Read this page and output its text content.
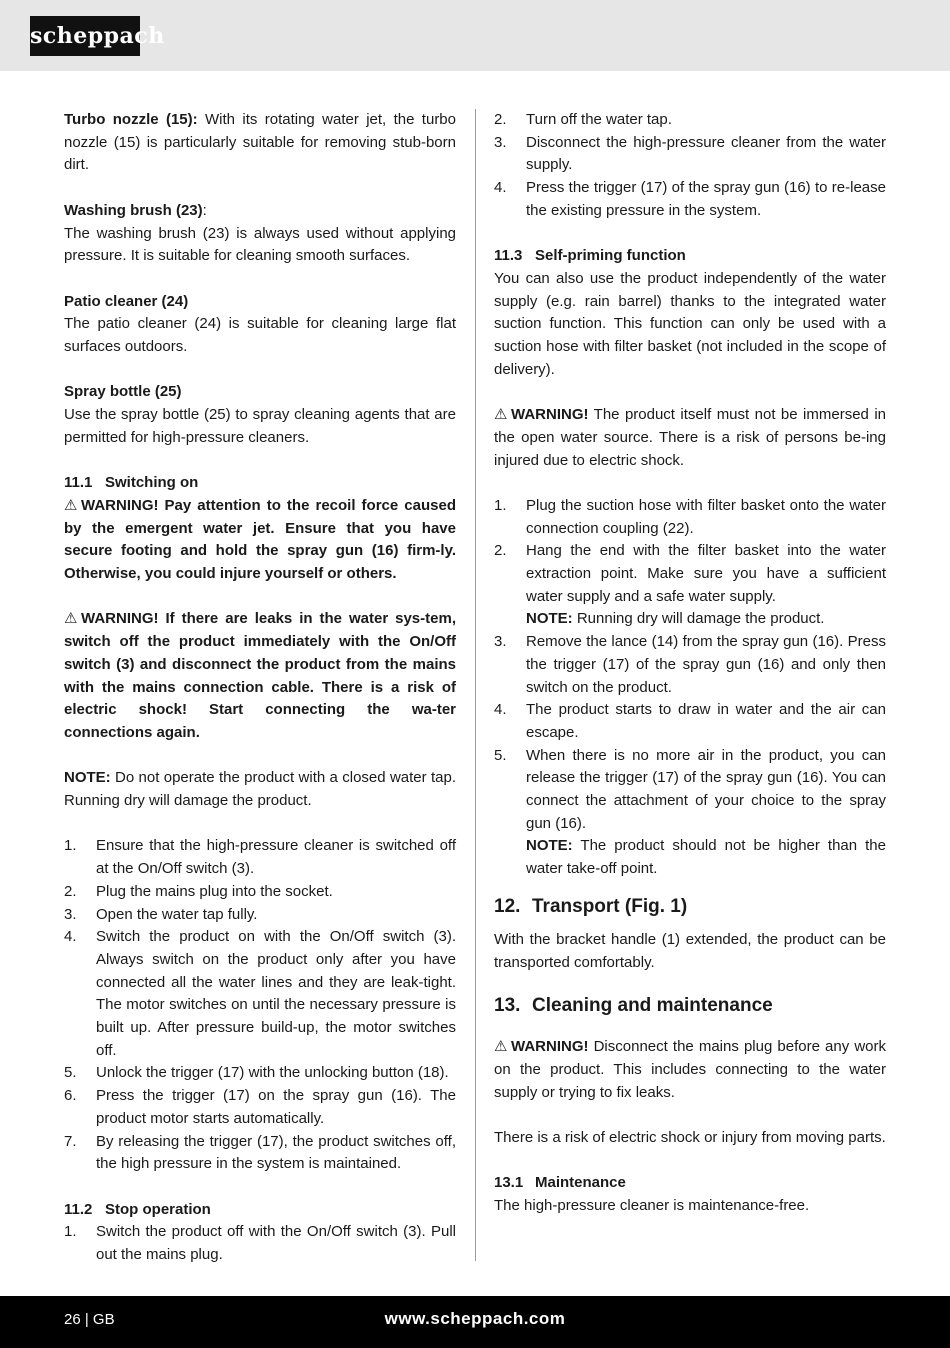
scheppach

Turbo nozzle (15): With its rotating water jet, the turbo nozzle (15) is particularly suitable for removing stub-born dirt.

Washing brush (23):

The washing brush (23) is always used without applying pressure. It is suitable for cleaning smooth surfaces.

Patio cleaner (24)

The patio cleaner (24) is suitable for cleaning large flat surfaces outdoors.

Spray bottle (25)

Use the spray bottle (25) to spray cleaning agents that are permitted for high-pressure cleaners.

11.1 Switching on

⚠ WARNING! Pay attention to the recoil force caused by the emergent water jet. Ensure that you have secure footing and hold the spray gun (16) firm-ly. Otherwise, you could injure yourself or others.

⚠ WARNING! If there are leaks in the water sys-tem, switch off the product immediately with the On/Off switch (3) and disconnect the product from the mains with the mains connection cable. There is a risk of electric shock! Start connecting the wa-ter connections again.

NOTE: Do not operate the product with a closed water tap. Running dry will damage the product.

1.	Ensure that the high-pressure cleaner is switched off at the On/Off switch (3).
2.	Plug the mains plug into the socket.
3.	Open the water tap fully.
4.	Switch the product on with the On/Off switch (3). Always switch on the product only after you have connected all the water lines and they are leak-tight. The motor switches on until the necessary pressure is built up. After pressure build-up, the motor switches off.
5.	Unlock the trigger (17) with the unlocking button (18).
6.	Press the trigger (17) on the spray gun (16). The product motor starts automatically.
7.	By releasing the trigger (17), the product switches off, the high pressure in the system is maintained.

11.2 Stop operation

1.	Switch the product off with the On/Off switch (3). Pull out the mains plug.
2.	Turn off the water tap.
3.	Disconnect the high-pressure cleaner from the water supply.
4.	Press the trigger (17) of the spray gun (16) to re-lease the existing pressure in the system.

11.3 Self-priming function

You can also use the product independently of the water supply (e.g. rain barrel) thanks to the integrated water suction function. This function can only be used with a suction hose with filter basket (not included in the scope of delivery).

⚠ WARNING! The product itself must not be immersed in the open water source. There is a risk of persons be-ing injured due to electric shock.

1.	Plug the suction hose with filter basket onto the water connection coupling (22).
2.	Hang the end with the filter basket into the water extraction point. Make sure you have a sufficient water supply and a safe water supply.
NOTE: Running dry will damage the product.
3.	Remove the lance (14) from the spray gun (16). Press the trigger (17) of the spray gun (16) and only then switch on the product.
4.	The product starts to draw in water and the air can escape.
5.	When there is no more air in the product, you can release the trigger (17) of the spray gun (16). You can connect the attachment of your choice to the spray gun (16).
NOTE: The product should not be higher than the water take-off point.

12. Transport (Fig. 1)

With the bracket handle (1) extended, the product can be transported comfortably.

13. Cleaning and maintenance

⚠ WARNING! Disconnect the mains plug before any work on the product. This includes connecting to the water supply or trying to fix leaks.

There is a risk of electric shock or injury from moving parts.

13.1 Maintenance

The high-pressure cleaner is maintenance-free.

26 | GB	www.scheppach.com
